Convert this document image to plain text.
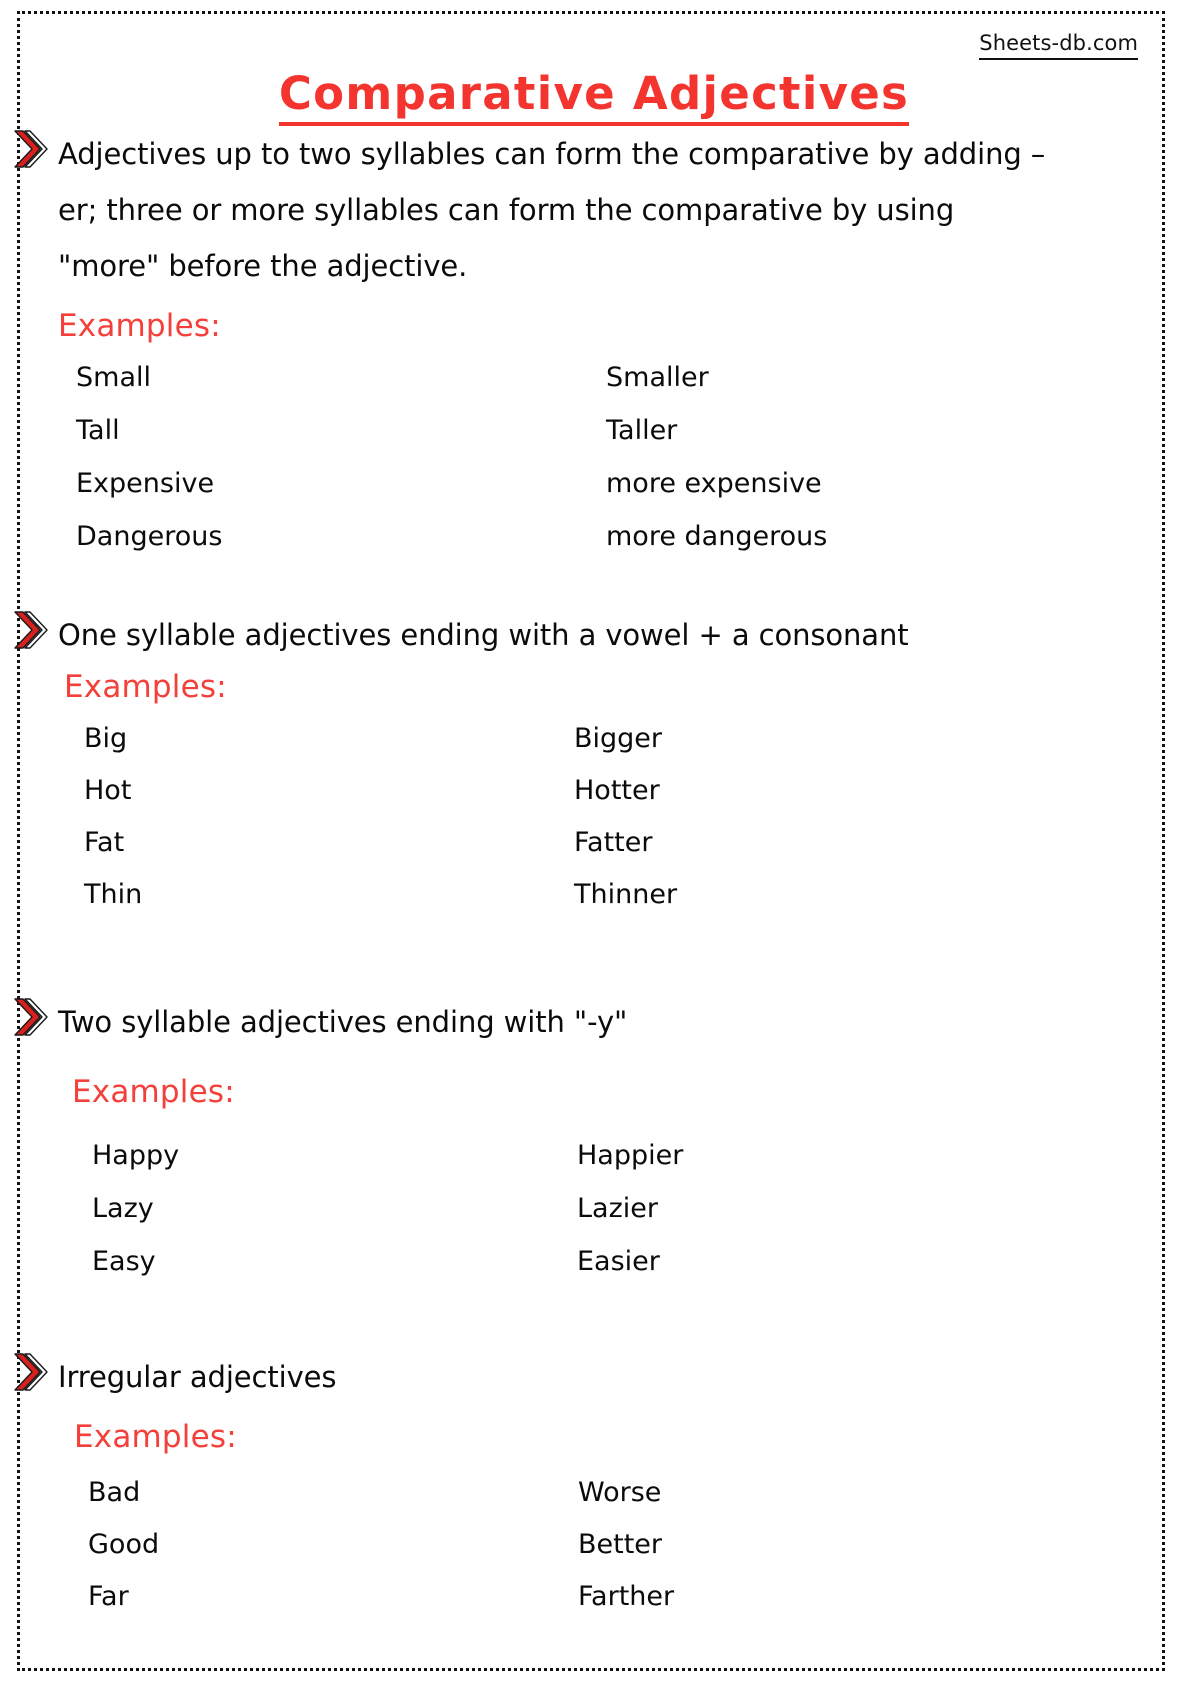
Sheets-db.com
Comparative Adjectives
Adjectives up to two syllables can form the comparative by adding –er; three or more syllables can form the comparative by using "more" before the adjective.
Examples:
Small	Smaller
Tall	Taller
Expensive	more expensive
Dangerous	more dangerous
One syllable adjectives ending with a vowel + a consonant
Examples:
Big	Bigger
Hot	Hotter
Fat	Fatter
Thin	Thinner
Two syllable adjectives ending with "-y"
Examples:
Happy	Happier
Lazy	Lazier
Easy	Easier
Irregular adjectives
Examples:
Bad	Worse
Good	Better
Far	Farther
